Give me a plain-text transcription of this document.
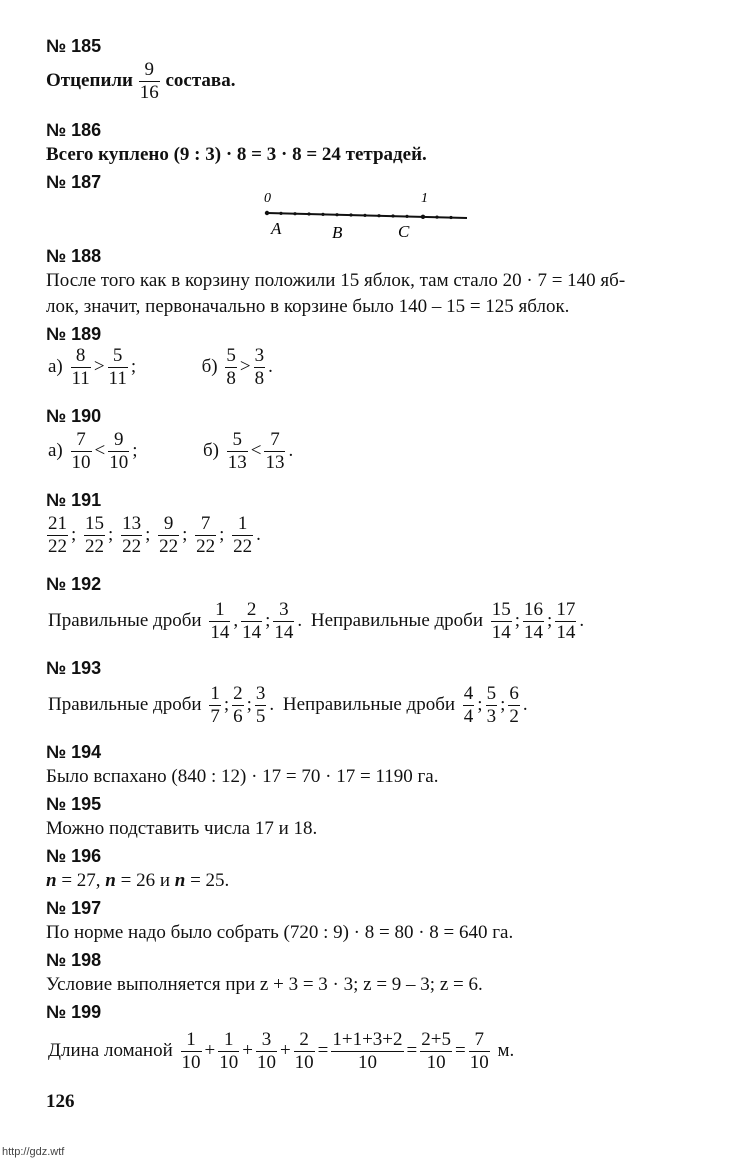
№ 185
Отцепили $\frac{9}{16}$ состава.
№ 186
Всего куплено (9 : 3) · 8 = 3 · 8 = 24 тетрадей.
№ 187
0	1
A	B	C
№ 188
После того как в корзину положили 15 яблок, там стало 20 · 7 = 140 яб-
лок, значит, первоначально в корзине было 140 – 15 = 125 яблок.
№ 189
$а) \frac{8}{11} > \frac{5}{11}$ ;	$б) \frac{5}{8} > \frac{3}{8}$ .
№ 190
$а) \frac{7}{10} < \frac{9}{10}$ ;	$б) \frac{5}{13} < \frac{7}{13}$ .
№ 191
$\frac{21}{22}$ ; $\frac{15}{22}$ ; $\frac{13}{22}$ ; $\frac{9}{22}$ ; $\frac{7}{22}$ ; $\frac{1}{22}$ .
№ 192
Правильные дроби $\frac{1}{14}$ , $\frac{2}{14}$ ; $\frac{3}{14}$ . Неправильные дроби $\frac{15}{14}$ ; $\frac{16}{14}$ ; $\frac{17}{14}$ .
№ 193
Правильные дроби $\frac{1}{7}$ ; $\frac{2}{6}$ ; $\frac{3}{5}$ . Неправильные дроби $\frac{4}{4}$ ; $\frac{5}{3}$ ; $\frac{6}{2}$ .
№ 194
Было вспахано (840 : 12) · 17 = 70 · 17 = 1190 га.
№ 195
Можно подставить числа 17 и 18.
№ 196
n = 27, n = 26 и n = 25.
№ 197
По норме надо было собрать (720 : 9) · 8 = 80 · 8 = 640 га.
№ 198
Условие выполняется при z + 3 = 3 · 3; z = 9 – 3; z = 6.
№ 199
Длина ломаной $\frac{1}{10} + \frac{1}{10} + \frac{3}{10} + \frac{2}{10} = \frac{1+1+3+2}{10} = \frac{2+5}{10} = \frac{7}{10} м$.
126
http://gdz.wtf
